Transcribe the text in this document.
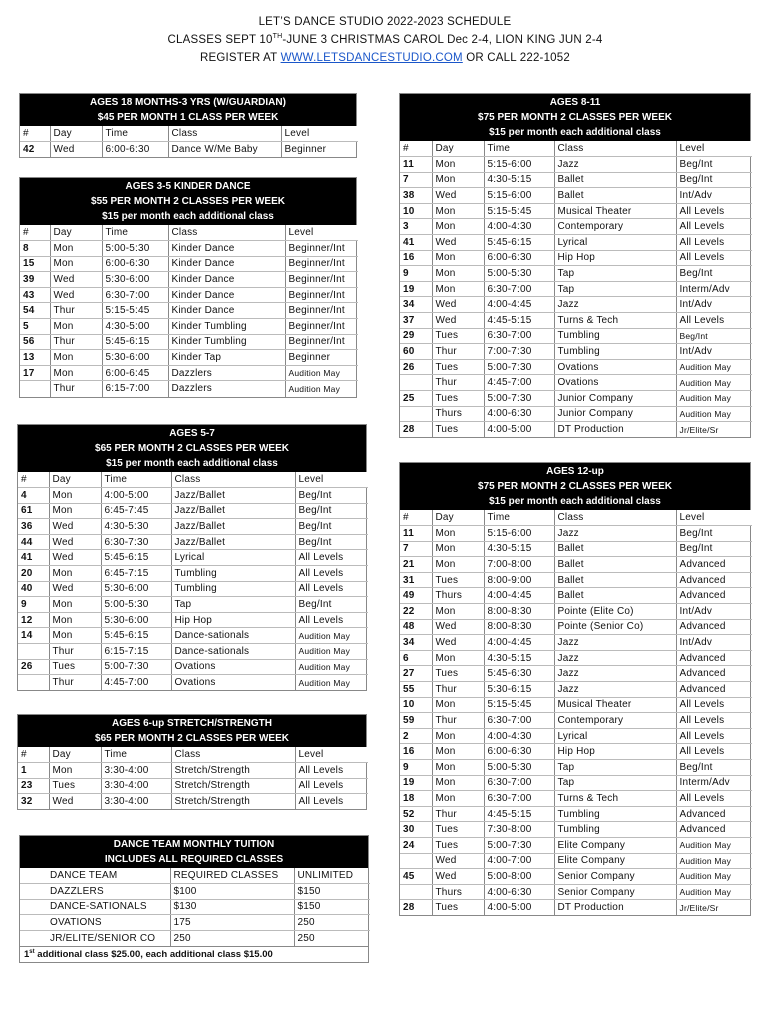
LET’S DANCE STUDIO 2022-2023 SCHEDULE
CLASSES SEPT 10TH-JUNE 3 CHRISTMAS CAROL Dec 2-4, LION KING JUN 2-4
REGISTER AT WWW.LETSDANCESTUDIO.COM OR CALL 222-1052
AGES 18 MONTHS-3 YRS (W/GUARDIAN)
$45 PER MONTH 1 CLASS PER WEEK
#	Day	Time	Class	Level
42	Wed	6:00-6:30	Dance W/Me Baby	Beginner
AGES 3-5 KINDER DANCE
$55 PER MONTH 2 CLASSES PER WEEK
$15 per month each additional class
#	Day	Time	Class	Level
8	Mon	5:00-5:30	Kinder Dance	Beginner/Int
15	Mon	6:00-6:30	Kinder Dance	Beginner/Int
39	Wed	5:30-6:00	Kinder Dance	Beginner/Int
43	Wed	6:30-7:00	Kinder Dance	Beginner/Int
54	Thur	5:15-5:45	Kinder Dance	Beginner/Int
5	Mon	4:30-5:00	Kinder Tumbling	Beginner/Int
56	Thur	5:45-6:15	Kinder Tumbling	Beginner/Int
13	Mon	5:30-6:00	Kinder Tap	Beginner
17	Mon	6:00-6:45	Dazzlers	Audition May
	Thur	6:15-7:00	Dazzlers	Audition May
AGES 5-7
$65 PER MONTH 2 CLASSES PER WEEK
$15 per month each additional class
#	Day	Time	Class	Level
4	Mon	4:00-5:00	Jazz/Ballet	Beg/Int
61	Mon	6:45-7:45	Jazz/Ballet	Beg/Int
36	Wed	4:30-5:30	Jazz/Ballet	Beg/Int
44	Wed	6:30-7:30	Jazz/Ballet	Beg/Int
41	Wed	5:45-6:15	Lyrical	All Levels
20	Mon	6:45-7:15	Tumbling	All Levels
40	Wed	5:30-6:00	Tumbling	All Levels
9	Mon	5:00-5:30	Tap	Beg/Int
12	Mon	5:30-6:00	Hip Hop	All Levels
14	Mon	5:45-6:15	Dance-sationals	Audition May
	Thur	6:15-7:15	Dance-sationals	Audition May
26	Tues	5:00-7:30	Ovations	Audition May
	Thur	4:45-7:00	Ovations	Audition May
AGES 6-up STRETCH/STRENGTH
$65 PER MONTH 2 CLASSES PER WEEK
#	Day	Time	Class	Level
1	Mon	3:30-4:00	Stretch/Strength	All Levels
23	Tues	3:30-4:00	Stretch/Strength	All Levels
32	Wed	3:30-4:00	Stretch/Strength	All Levels
AGES 8-11
$75 PER MONTH 2 CLASSES PER WEEK
$15 per month each additional class
#	Day	Time	Class	Level
11	Mon	5:15-6:00	Jazz	Beg/Int
7	Mon	4:30-5:15	Ballet	Beg/Int
38	Wed	5:15-6:00	Ballet	Int/Adv
10	Mon	5:15-5:45	Musical Theater	All Levels
3	Mon	4:00-4:30	Contemporary	All Levels
41	Wed	5:45-6:15	Lyrical	All Levels
16	Mon	6:00-6:30	Hip Hop	All Levels
9	Mon	5:00-5:30	Tap	Beg/Int
19	Mon	6:30-7:00	Tap	Interm/Adv
34	Wed	4:00-4:45	Jazz	Int/Adv
37	Wed	4:45-5:15	Turns & Tech	All Levels
29	Tues	6:30-7:00	Tumbling	Beg/Int
60	Thur	7:00-7:30	Tumbling	Int/Adv
26	Tues	5:00-7:30	Ovations	Audition May
	Thur	4:45-7:00	Ovations	Audition May
25	Tues	5:00-7:30	Junior Company	Audition May
	Thurs	4:00-6:30	Junior Company	Audition May
28	Tues	4:00-5:00	DT Production	Jr/Elite/Sr
AGES 12-up
$75 PER MONTH 2 CLASSES PER WEEK
$15 per month each additional class
#	Day	Time	Class	Level
11	Mon	5:15-6:00	Jazz	Beg/Int
7	Mon	4:30-5:15	Ballet	Beg/Int
21	Mon	7:00-8:00	Ballet	Advanced
31	Tues	8:00-9:00	Ballet	Advanced
49	Thurs	4:00-4:45	Ballet	Advanced
22	Mon	8:00-8:30	Pointe (Elite Co)	Int/Adv
48	Wed	8:00-8:30	Pointe (Senior Co)	Advanced
34	Wed	4:00-4:45	Jazz	Int/Adv
6	Mon	4:30-5:15	Jazz	Advanced
27	Tues	5:45-6:30	Jazz	Advanced
55	Thur	5:30-6:15	Jazz	Advanced
10	Mon	5:15-5:45	Musical Theater	All Levels
59	Thur	6:30-7:00	Contemporary	All Levels
2	Mon	4:00-4:30	Lyrical	All Levels
16	Mon	6:00-6:30	Hip Hop	All Levels
9	Mon	5:00-5:30	Tap	Beg/Int
19	Mon	6:30-7:00	Tap	Interm/Adv
18	Mon	6:30-7:00	Turns & Tech	All Levels
52	Thur	4:45-5:15	Tumbling	Advanced
30	Tues	7:30-8:00	Tumbling	Advanced
24	Tues	5:00-7:30	Elite Company	Audition May
	Wed	4:00-7:00	Elite Company	Audition May
45	Wed	5:00-8:00	Senior Company	Audition May
	Thurs	4:00-6:30	Senior Company	Audition May
28	Tues	4:00-5:00	DT Production	Jr/Elite/Sr
DANCE TEAM MONTHLY TUITION
INCLUDES ALL REQUIRED CLASSES
DANCE TEAM	REQUIRED CLASSES	UNLIMITED
DAZZLERS	$100	$150
DANCE-SATIONALS	$130	$150
OVATIONS	175	250
JR/ELITE/SENIOR CO	250	250
1st additional class $25.00, each additional class $15.00
